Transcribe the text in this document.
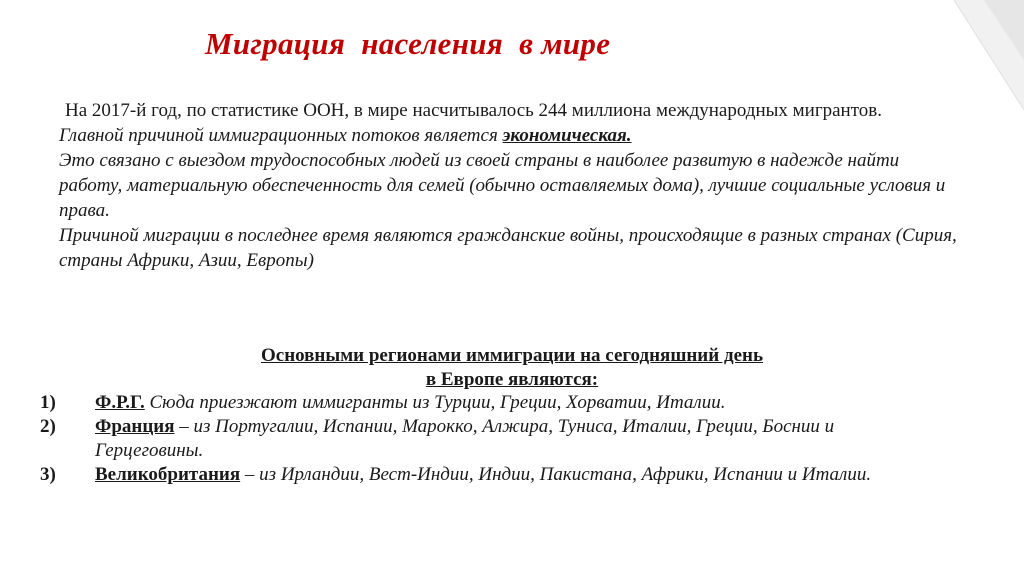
Миграция  населения  в мире
На 2017-й год, по статистике ООН, в мире насчитывалось 244 миллиона международных мигрантов.
Главной причиной иммиграционных потоков является экономическая.
Это связано с выездом трудоспособных людей из своей страны в наиболее развитую в надежде найти работу, материальную обеспеченность для семей (обычно оставляемых дома), лучшие социальные условия и права.
Причиной миграции в последнее время являются гражданские войны, происходящие в разных странах (Сирия, страны Африки, Азии, Европы)
Основными регионами иммиграции на сегодняшний день
в Европе являются:
1)	Ф.Р.Г. Сюда приезжают иммигранты из Турции, Греции, Хорватии, Италии.
2)	Франция – из Португалии, Испании, Марокко, Алжира, Туниса, Италии, Греции, Боснии и Герцеговины.
3)	Великобритания – из Ирландии, Вест-Индии, Индии, Пакистана, Африки, Испании и Италии.
